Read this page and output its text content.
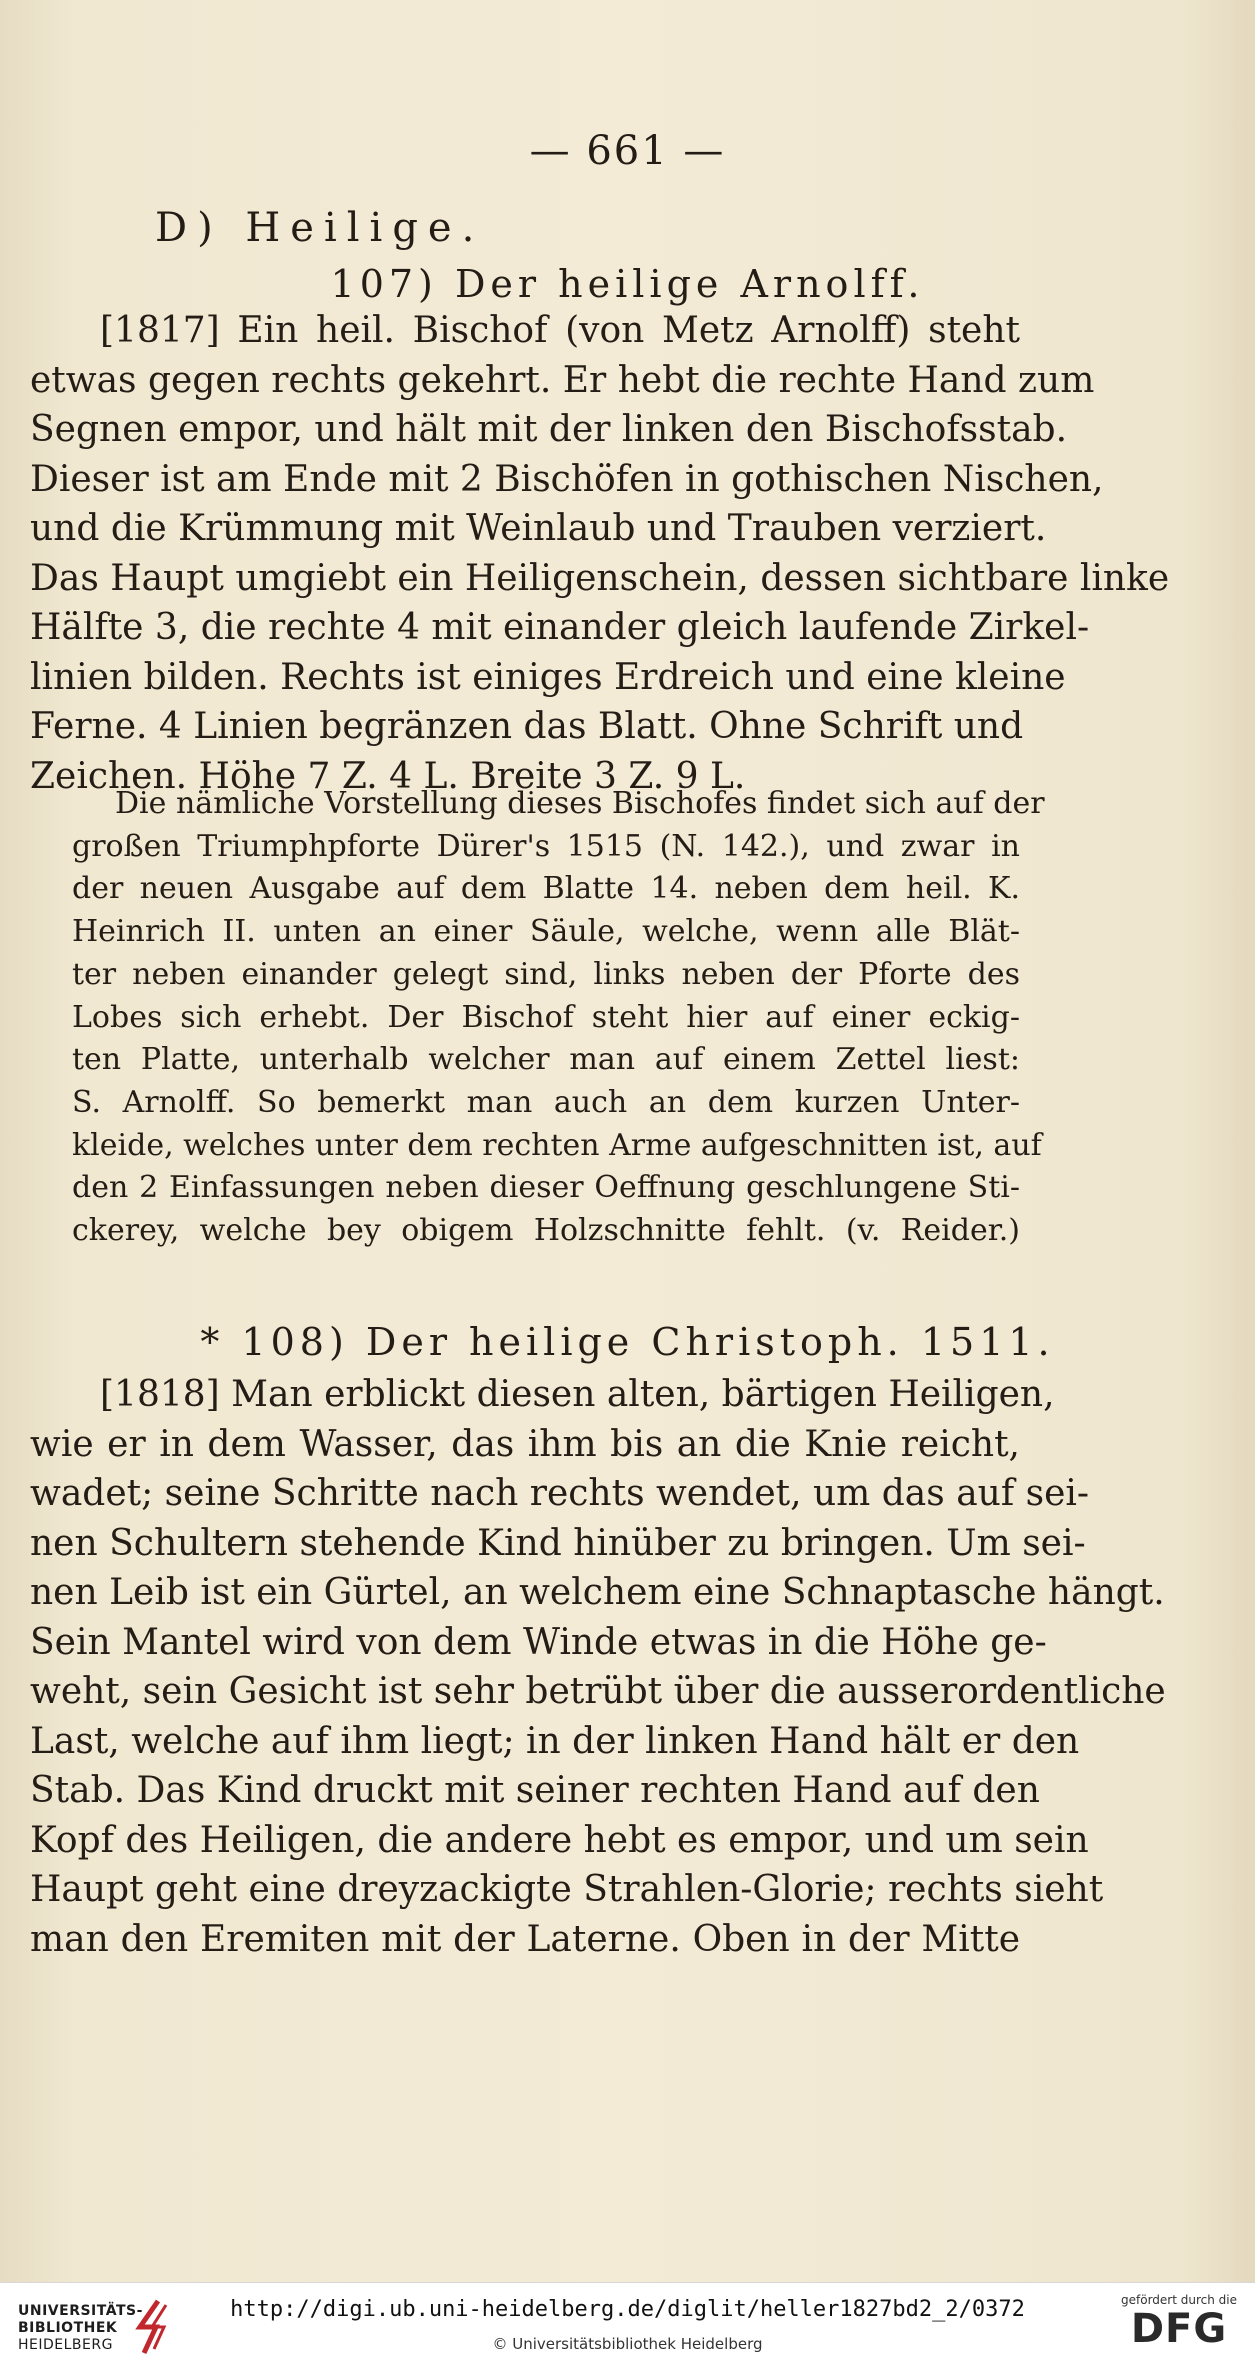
— 661 —
D) Heilige.
107) Der heilige Arnolff.

[1817] Ein heil. Bischof (von Metz Arnolff) steht

etwas gegen rechts gekehrt. Er hebt die rechte Hand zum

Segnen empor, und hält mit der linken den Bischofsstab.

Dieser ist am Ende mit 2 Bischöfen in gothischen Nischen,

und die Krümmung mit Weinlaub und Trauben verziert.

Das Haupt umgiebt ein Heiligenschein, dessen sichtbare linke

Hälfte 3, die rechte 4 mit einander gleich laufende Zirkel-

linien bilden. Rechts ist einiges Erdreich und eine kleine

Ferne. 4 Linien begränzen das Blatt. Ohne Schrift und

Zeichen. Höhe 7 Z. 4 L. Breite 3 Z. 9 L.

Die nämliche Vorstellung dieses Bischofes findet sich auf der

großen Triumphpforte Dürer's 1515 (N. 142.), und zwar in

der neuen Ausgabe auf dem Blatte 14. neben dem heil. K.

Heinrich II. unten an einer Säule, welche, wenn alle Blät-

ter neben einander gelegt sind, links neben der Pforte des

Lobes sich erhebt. Der Bischof steht hier auf einer eckig-

ten Platte, unterhalb welcher man auf einem Zettel liest:

S. Arnolff. So bemerkt man auch an dem kurzen Unter-

kleide, welches unter dem rechten Arme aufgeschnitten ist, auf

den 2 Einfassungen neben dieser Oeffnung geschlungene Sti-

ckerey, welche bey obigem Holzschnitte fehlt. (v. Reider.)

* 108) Der heilige Christoph. 1511.

[1818] Man erblickt diesen alten, bärtigen Heiligen,

wie er in dem Wasser, das ihm bis an die Knie reicht,

wadet; seine Schritte nach rechts wendet, um das auf sei-

nen Schultern stehende Kind hinüber zu bringen. Um sei-

nen Leib ist ein Gürtel, an welchem eine Schnaptasche hängt.

Sein Mantel wird von dem Winde etwas in die Höhe ge-

weht, sein Gesicht ist sehr betrübt über die ausserordentliche

Last, welche auf ihm liegt; in der linken Hand hält er den

Stab. Das Kind druckt mit seiner rechten Hand auf den

Kopf des Heiligen, die andere hebt es empor, und um sein

Haupt geht eine dreyzackigte Strahlen-Glorie; rechts sieht

man den Eremiten mit der Laterne. Oben in der Mitte

UNIVERSITÄTS-
BIBLIOTHEK
HEIDELBERG
http://digi.ub.uni-heidelberg.de/diglit/heller1827bd2_2/0372
© Universitätsbibliothek Heidelberg
gefördert durch die
DFG
